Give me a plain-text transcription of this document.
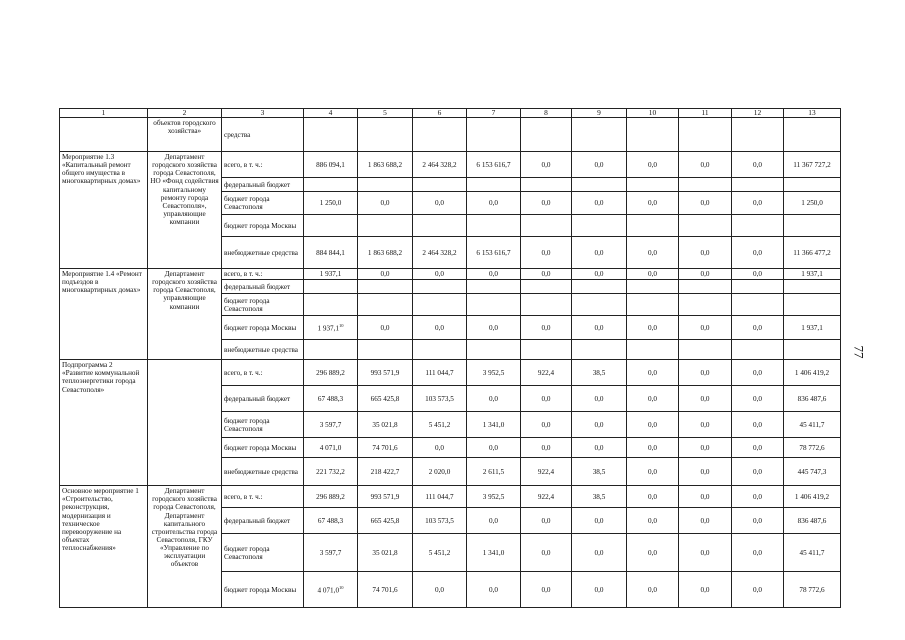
1	2	3	4	5	6	7	8	9	10	11	12	13
	объектов городского хозяйства»	средства										
Мероприятие 1.3 «Капитальный ремонт общего имущества в многоквартирных домах»	Департамент городского хозяйства города Севастополя, НО «Фонд содействия капитальному ремонту города Севастополя», управляющие компании	всего, в т. ч.:	886 094,1	1 863 688,2	2 464 328,2	6 153 616,7	0,0	0,0	0,0	0,0	0,0	11 367 727,2
		федеральный бюджет										
		бюджет города Севастополя	1 250,0	0,0	0,0	0,0	0,0	0,0	0,0	0,0	0,0	1 250,0
		бюджет города Москвы										
		внебюджетные средства	884 844,1	1 863 688,2	2 464 328,2	6 153 616,7	0,0	0,0	0,0	0,0	0,0	11 366 477,2
Мероприятие 1.4 «Ремонт подъездов в многоквартирных домах»	Департамент городского хозяйства города Севастополя, управляющие компании	всего, в т. ч.:	1 937,1	0,0	0,0	0,0	0,0	0,0	0,0	0,0	0,0	1 937,1
		федеральный бюджет										
		бюджет города Севастополя										
		бюджет города Москвы	1 937,1$^{10}$	0,0	0,0	0,0	0,0	0,0	0,0	0,0	0,0	1 937,1
		внебюджетные средства										
Подпрограмма 2 «Развитие коммунальной теплоэнергетики города Севастополя»		всего, в т. ч.:	296 889,2	993 571,9	111 044,7	3 952,5	922,4	38,5	0,0	0,0	0,0	1 406 419,2
		федеральный бюджет	67 488,3	665 425,8	103 573,5	0,0	0,0	0,0	0,0	0,0	0,0	836 487,6
		бюджет города Севастополя	3 597,7	35 021,8	5 451,2	1 341,0	0,0	0,0	0,0	0,0	0,0	45 411,7
		бюджет города Москвы	4 071,0	74 701,6	0,0	0,0	0,0	0,0	0,0	0,0	0,0	78 772,6
		внебюджетные средства	221 732,2	218 422,7	2 020,0	2 611,5	922,4	38,5	0,0	0,0	0,0	445 747,3
Основное мероприятие 1 «Строительство, реконструкция, модернизация и техническое перевооружение на объектах теплоснабжения»	Департамент городского хозяйства города Севастополя, Департамент капитального строительства города Севастополя, ГКУ «Управление по эксплуатации объектов	всего, в т. ч.:	296 889,2	993 571,9	111 044,7	3 952,5	922,4	38,5	0,0	0,0	0,0	1 406 419,2
		федеральный бюджет	67 488,3	665 425,8	103 573,5	0,0	0,0	0,0	0,0	0,0	0,0	836 487,6
		бюджет города Севастополя	3 597,7	35 021,8	5 451,2	1 341,0	0,0	0,0	0,0	0,0	0,0	45 411,7
		бюджет города Москвы	4 071,0$^{10}$	74 701,6	0,0	0,0	0,0	0,0	0,0	0,0	0,0	78 772,6
77
